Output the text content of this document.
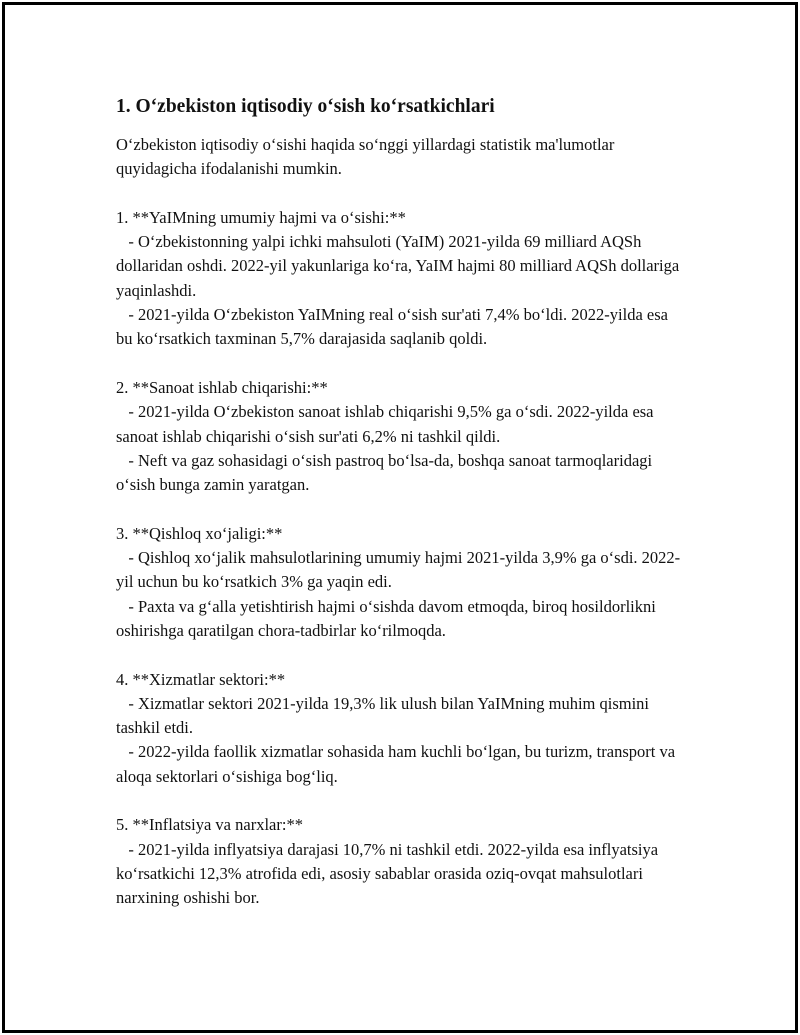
1. O‘zbekiston iqtisodiy o‘sish ko‘rsatkichlari

O‘zbekiston iqtisodiy o‘sishi haqida so‘nggi yillardagi statistik ma'lumotlar quyidagicha ifodalanishi mumkin.

1. **YaIMning umumiy hajmi va o‘sishi:**

- O‘zbekistonning yalpi ichki mahsuloti (YaIM) 2021-yilda 69 milliard AQSh dollaridan oshdi. 2022-yil yakunlariga ko‘ra, YaIM hajmi 80 milliard AQSh dollariga yaqinlashdi.

- 2021-yilda O‘zbekiston YaIMning real o‘sish sur'ati 7,4% bo‘ldi. 2022-yilda esa bu ko‘rsatkich taxminan 5,7% darajasida saqlanib qoldi.

2. **Sanoat ishlab chiqarishi:**

- 2021-yilda O‘zbekiston sanoat ishlab chiqarishi 9,5% ga o‘sdi. 2022-yilda esa sanoat ishlab chiqarishi o‘sish sur'ati 6,2% ni tashkil qildi.

- Neft va gaz sohasidagi o‘sish pastroq bo‘lsa-da, boshqa sanoat tarmoqlaridagi o‘sish bunga zamin yaratgan.

3. **Qishloq xo‘jaligi:**

- Qishloq xo‘jalik mahsulotlarining umumiy hajmi 2021-yilda 3,9% ga o‘sdi. 2022-yil uchun bu ko‘rsatkich 3% ga yaqin edi.

- Paxta va g‘alla yetishtirish hajmi o‘sishda davom etmoqda, biroq hosildorlikni oshirishga qaratilgan chora-tadbirlar ko‘rilmoqda.

4. **Xizmatlar sektori:**

- Xizmatlar sektori 2021-yilda 19,3% lik ulush bilan YaIMning muhim qismini tashkil etdi.

- 2022-yilda faollik xizmatlar sohasida ham kuchli bo‘lgan, bu turizm, transport va aloqa sektorlari o‘sishiga bog‘liq.

5. **Inflatsiya va narxlar:**

- 2021-yilda inflyatsiya darajasi 10,7% ni tashkil etdi. 2022-yilda esa inflyatsiya ko‘rsatkichi 12,3% atrofida edi, asosiy sabablar orasida oziq-ovqat mahsulotlari narxining oshishi bor.
